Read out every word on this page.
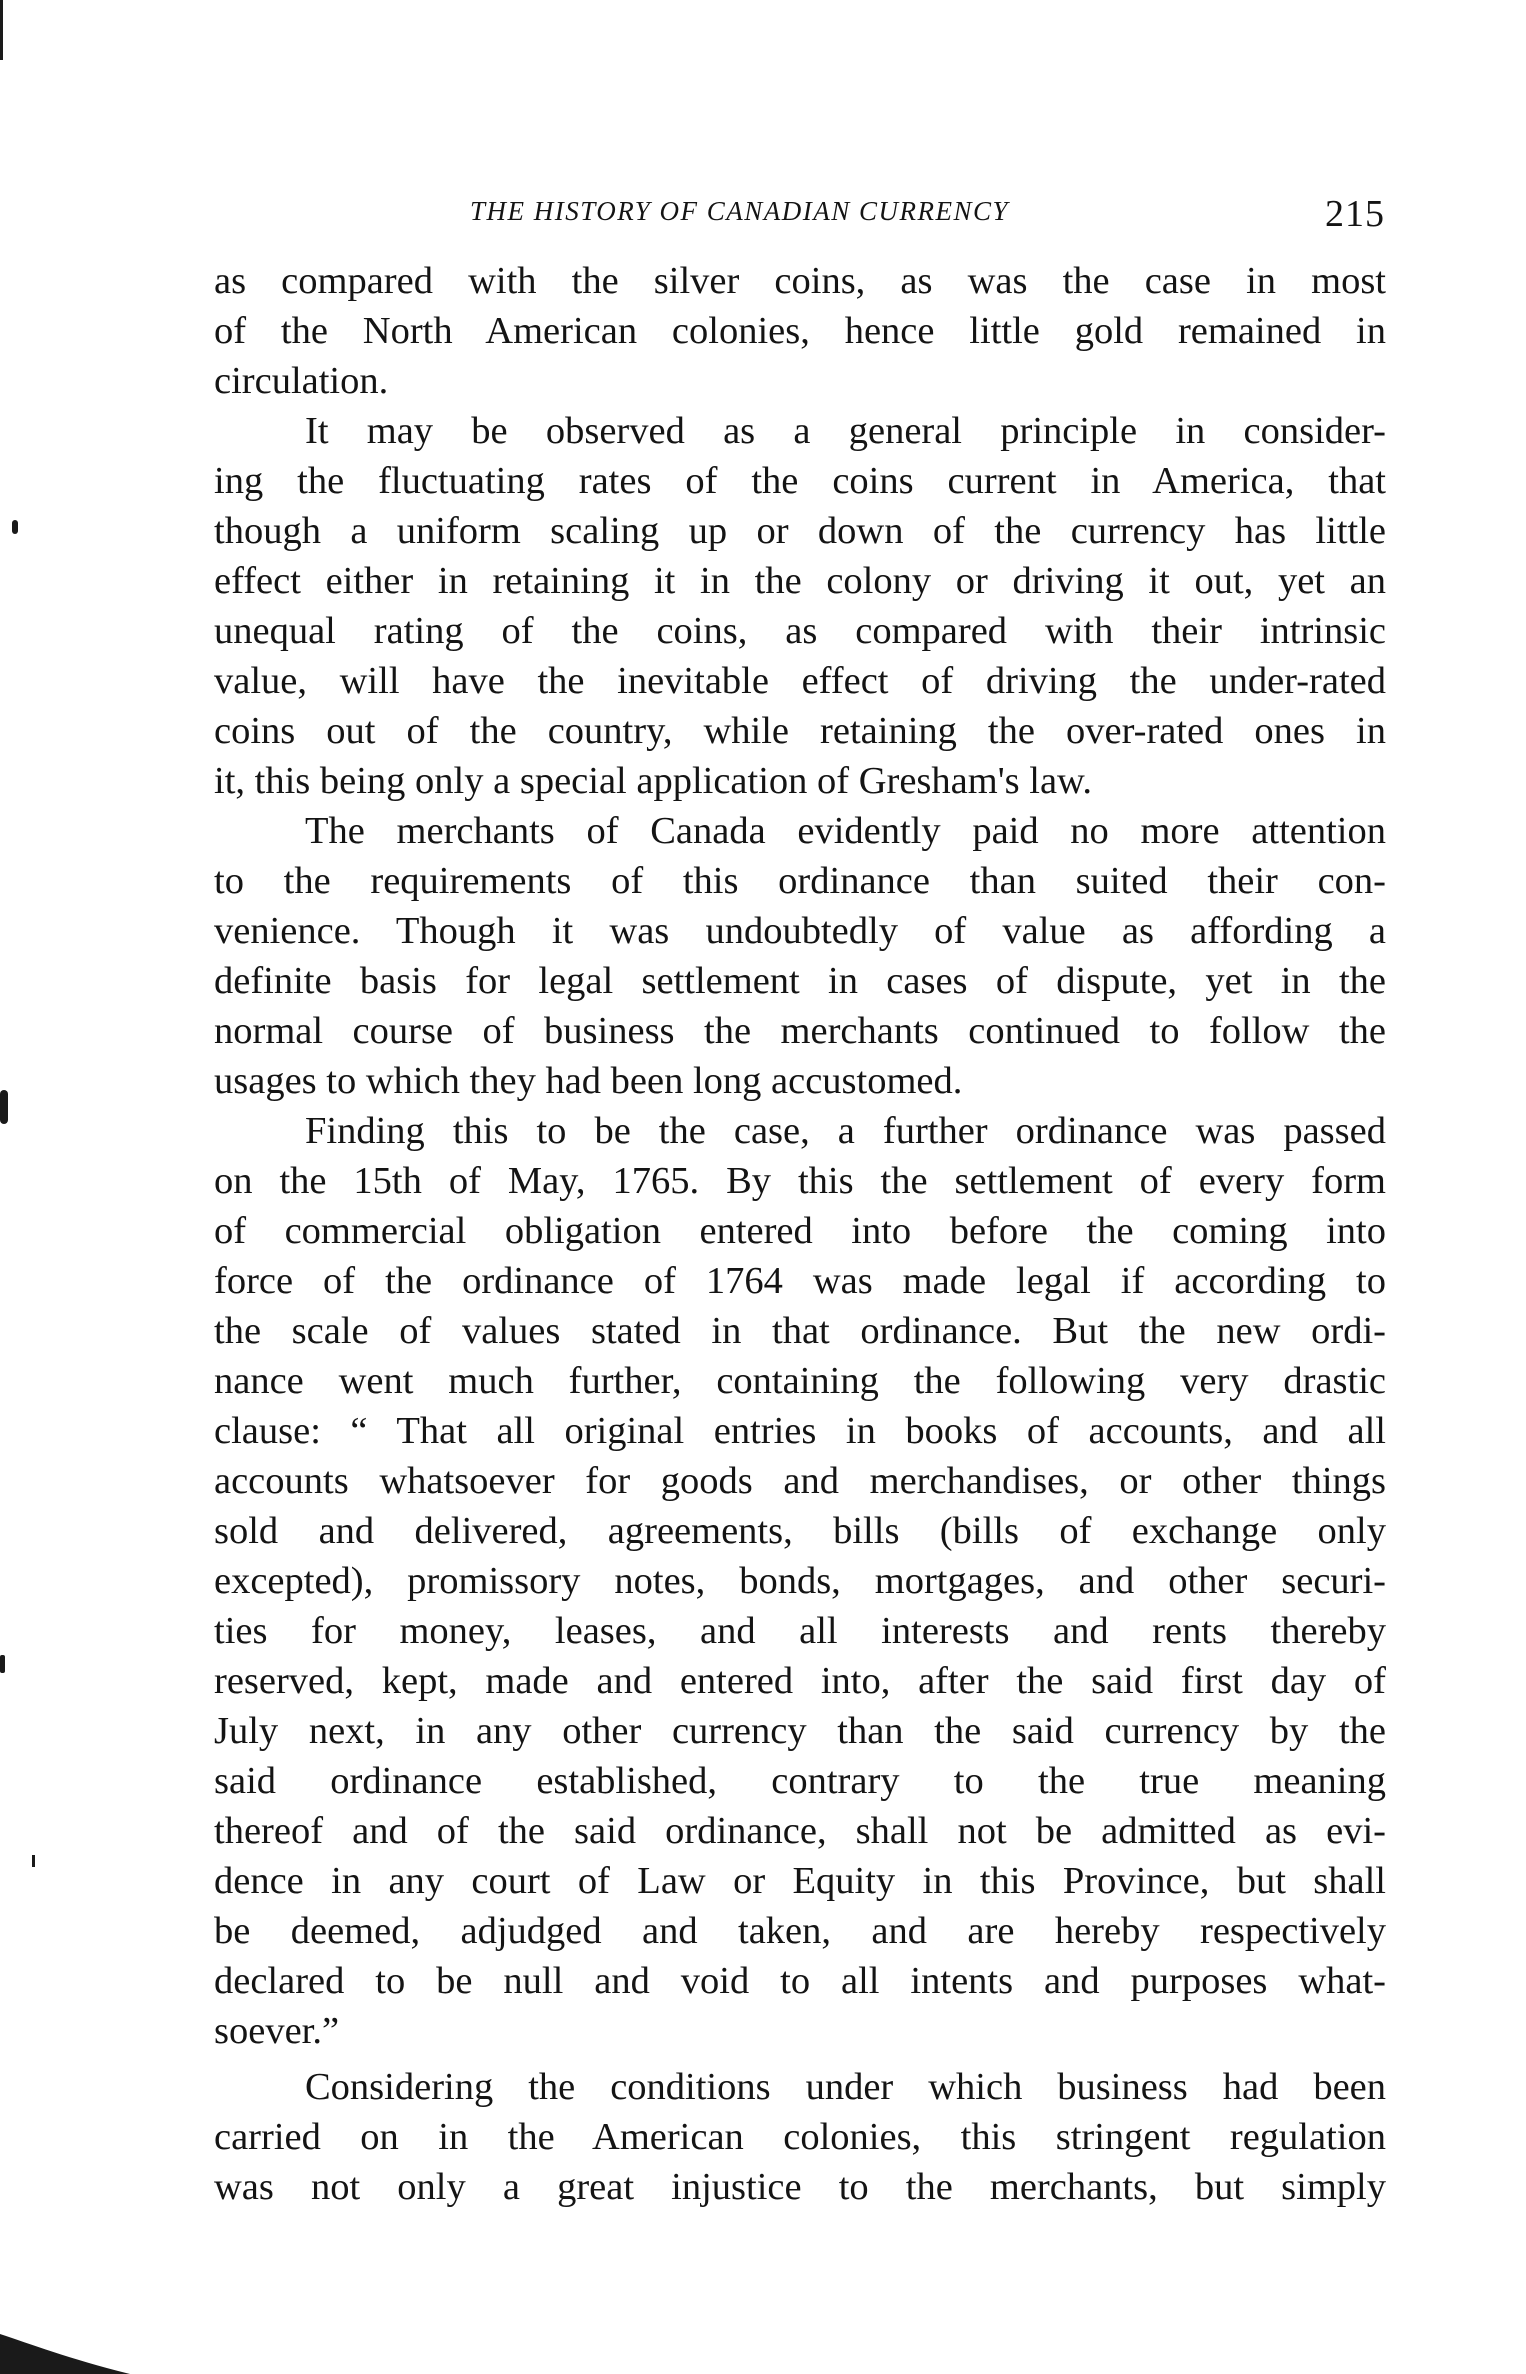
THE HISTORY OF CANADIAN CURRENCY	215
as compared with the silver coins, as was the case in most
of the North American colonies, hence little gold remained in
circulation.
It may be observed as a general principle in consider-
ing the fluctuating rates of the coins current in America, that
though a uniform scaling up or down of the currency has little
effect either in retaining it in the colony or driving it out, yet an
unequal rating of the coins, as compared with their intrinsic
value, will have the inevitable effect of driving the under-rated
coins out of the country, while retaining the over-rated ones in
it, this being only a special application of Gresham's law.
The merchants of Canada evidently paid no more attention
to the requirements of this ordinance than suited their con-
venience. Though it was undoubtedly of value as affording a
definite basis for legal settlement in cases of dispute, yet in the
normal course of business the merchants continued to follow the
usages to which they had been long accustomed.
Finding this to be the case, a further ordinance was passed
on the 15th of May, 1765. By this the settlement of every form
of commercial obligation entered into before the coming into
force of the ordinance of 1764 was made legal if according to
the scale of values stated in that ordinance. But the new ordi-
nance went much further, containing the following very drastic
clause: “ That all original entries in books of accounts, and all
accounts whatsoever for goods and merchandises, or other things
sold and delivered, agreements, bills (bills of exchange only
excepted), promissory notes, bonds, mortgages, and other securi-
ties for money, leases, and all interests and rents thereby
reserved, kept, made and entered into, after the said first day of
July next, in any other currency than the said currency by the
said ordinance established, contrary to the true meaning
thereof and of the said ordinance, shall not be admitted as evi-
dence in any court of Law or Equity in this Province, but shall
be deemed, adjudged and taken, and are hereby respectively
declared to be null and void to all intents and purposes what-
soever.”
Considering the conditions under which business had been
carried on in the American colonies, this stringent regulation
was not only a great injustice to the merchants, but simply
